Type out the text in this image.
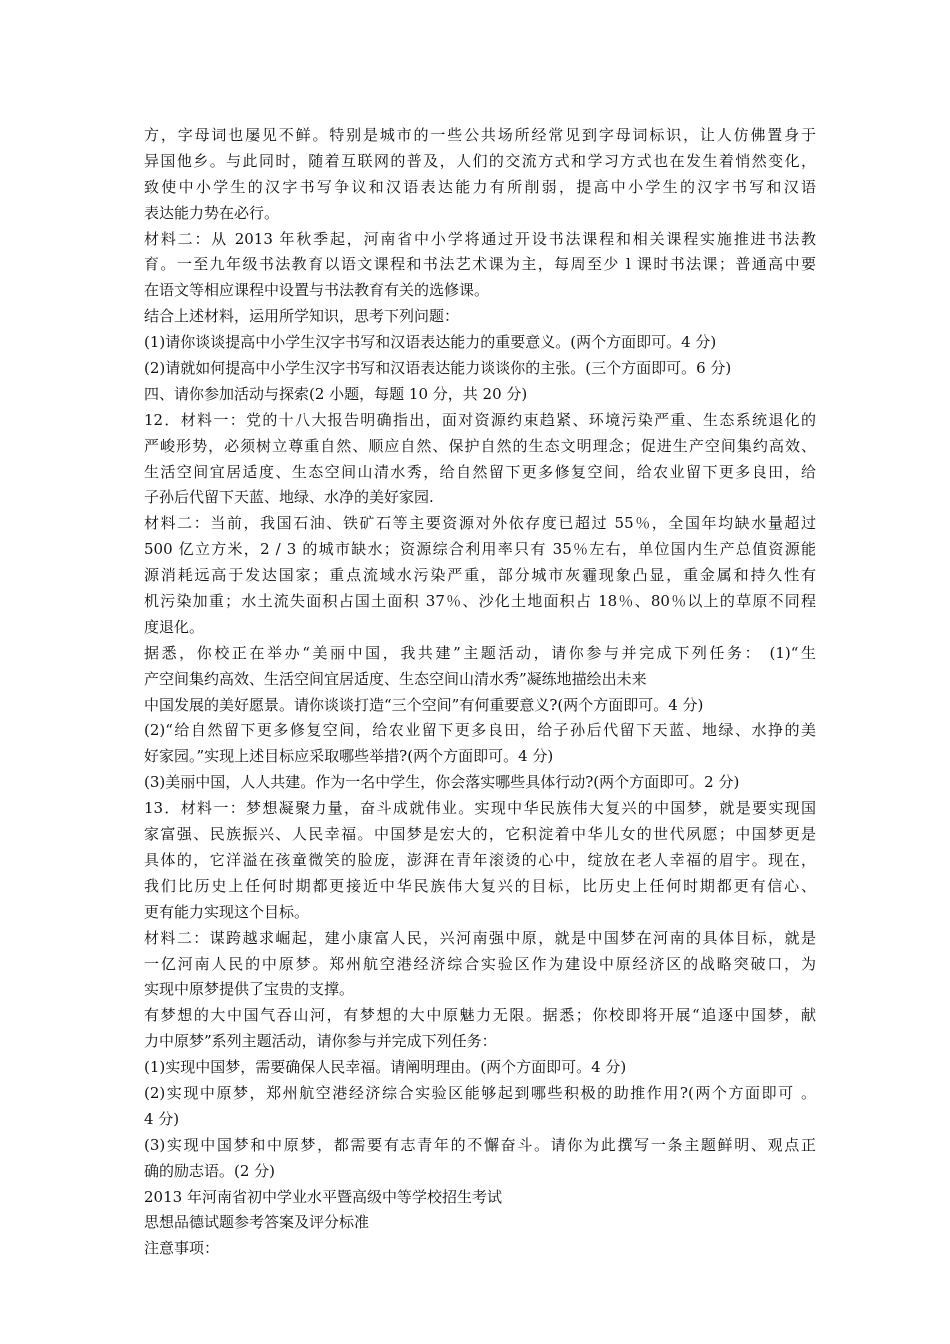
方，字母词也屡见不鲜。特别是城市的一些公共场所经常见到字母词标识，让人仿佛置身于
异国他乡。与此同时，随着互联网的普及，人们的交流方式和学习方式也在发生着悄然变化，
致使中小学生的汉字书写争议和汉语表达能力有所削弱，提高中小学生的汉字书写和汉语
表达能力势在必行。
材料二：从 2013 年秋季起，河南省中小学将通过开设书法课程和相关课程实施推进书法教
育。一至九年级书法教育以语文课程和书法艺术课为主，每周至少 l 课时书法课；普通高中要
在语文等相应课程中设置与书法教育有关的选修课。
结合上述材料，运用所学知识，思考下列问题：
(1)请你谈谈提高中小学生汉字书写和汉语表达能力的重要意义。(两个方面即可。4 分)
(2)请就如何提高中小学生汉字书写和汉语表达能力谈谈你的主张。(三个方面即可。6 分)
四、请你参加活动与探索(2 小题，每题 10 分，共 20 分)
12．材料一：党的十八大报告明确指出，面对资源约束趋紧、环境污染严重、生态系统退化的
严峻形势，必须树立尊重自然、顺应自然、保护自然的生态文明理念；促进生产空间集约高效、
生活空间宜居适度、生态空间山清水秀，给自然留下更多修复空间，给农业留下更多良田，给
子孙后代留下天蓝、地绿、水净的美好家园.
材料二：当前，我国石油、铁矿石等主要资源对外依存度已超过 55％，全国年均缺水量超过
500 亿立方米，2 / 3 的城市缺水；资源综合利用率只有 35％左右，单位国内生产总值资源能
源消耗远高于发达国家；重点流域水污染严重，部分城市灰霾现象凸显，重金属和持久性有
机污染加重；水土流失面积占国土面积 37％、沙化土地面积占 18％、80％以上的草原不同程
度退化。
据悉，你校正在举办“美丽中国，我共建”主题活动，请你参与并完成下列任务： (1)“生
产空间集约高效、生活空间宜居适度、生态空间山清水秀”凝练地描绘出未来
中国发展的美好愿景。请你谈谈打造“三个空间”有何重要意义?(两个方面即可。4 分)
(2)“给自然留下更多修复空间，给农业留下更多良田，给子孙后代留下天蓝、地绿、水挣的美
好家园。”实现上述目标应采取哪些举措?(两个方面即可。4 分)
(3)美丽中国，人人共建。作为一名中学生，你会落实哪些具体行动?(两个方面即可。2 分)
13．材料一：梦想凝聚力量，奋斗成就伟业。实现中华民族伟大复兴的中国梦，就是要实现国
家富强、民族振兴、人民幸福。中国梦是宏大的，它积淀着中华儿女的世代夙愿；中国梦更是
具体的，它洋溢在孩童微笑的脸庞，澎湃在青年滚烫的心中，绽放在老人幸福的眉宇。现在，
我们比历史上任何时期都更接近中华民族伟大复兴的目标，比历史上任何时期都更有信心、
更有能力实现这个目标。
材料二：谋跨越求崛起，建小康富人民，兴河南强中原，就是中国梦在河南的具体目标，就是
一亿河南人民的中原梦。郑州航空港经济综合实验区作为建设中原经济区的战略突破口，为
实现中原梦提供了宝贵的支撑。
有梦想的大中国气吞山河，有梦想的大中原魅力无限。据悉；你校即将开展“追逐中国梦，献
力中原梦”系列主题活动，请你参与并完成下列任务：
(1)实现中国梦，需要确保人民幸福。请阐明理由。(两个方面即可。4 分)
(2)实现中原梦，郑州航空港经济综合实验区能够起到哪些积极的助推作用?(两个方面即可 。
4 分)
(3)实现中国梦和中原梦，都需要有志青年的不懈奋斗。请你为此撰写一条主题鲜明、观点正
确的励志语。(2 分)
2013 年河南省初中学业水平暨高级中等学校招生考试
思想品德试题参考答案及评分标准
注意事项：
